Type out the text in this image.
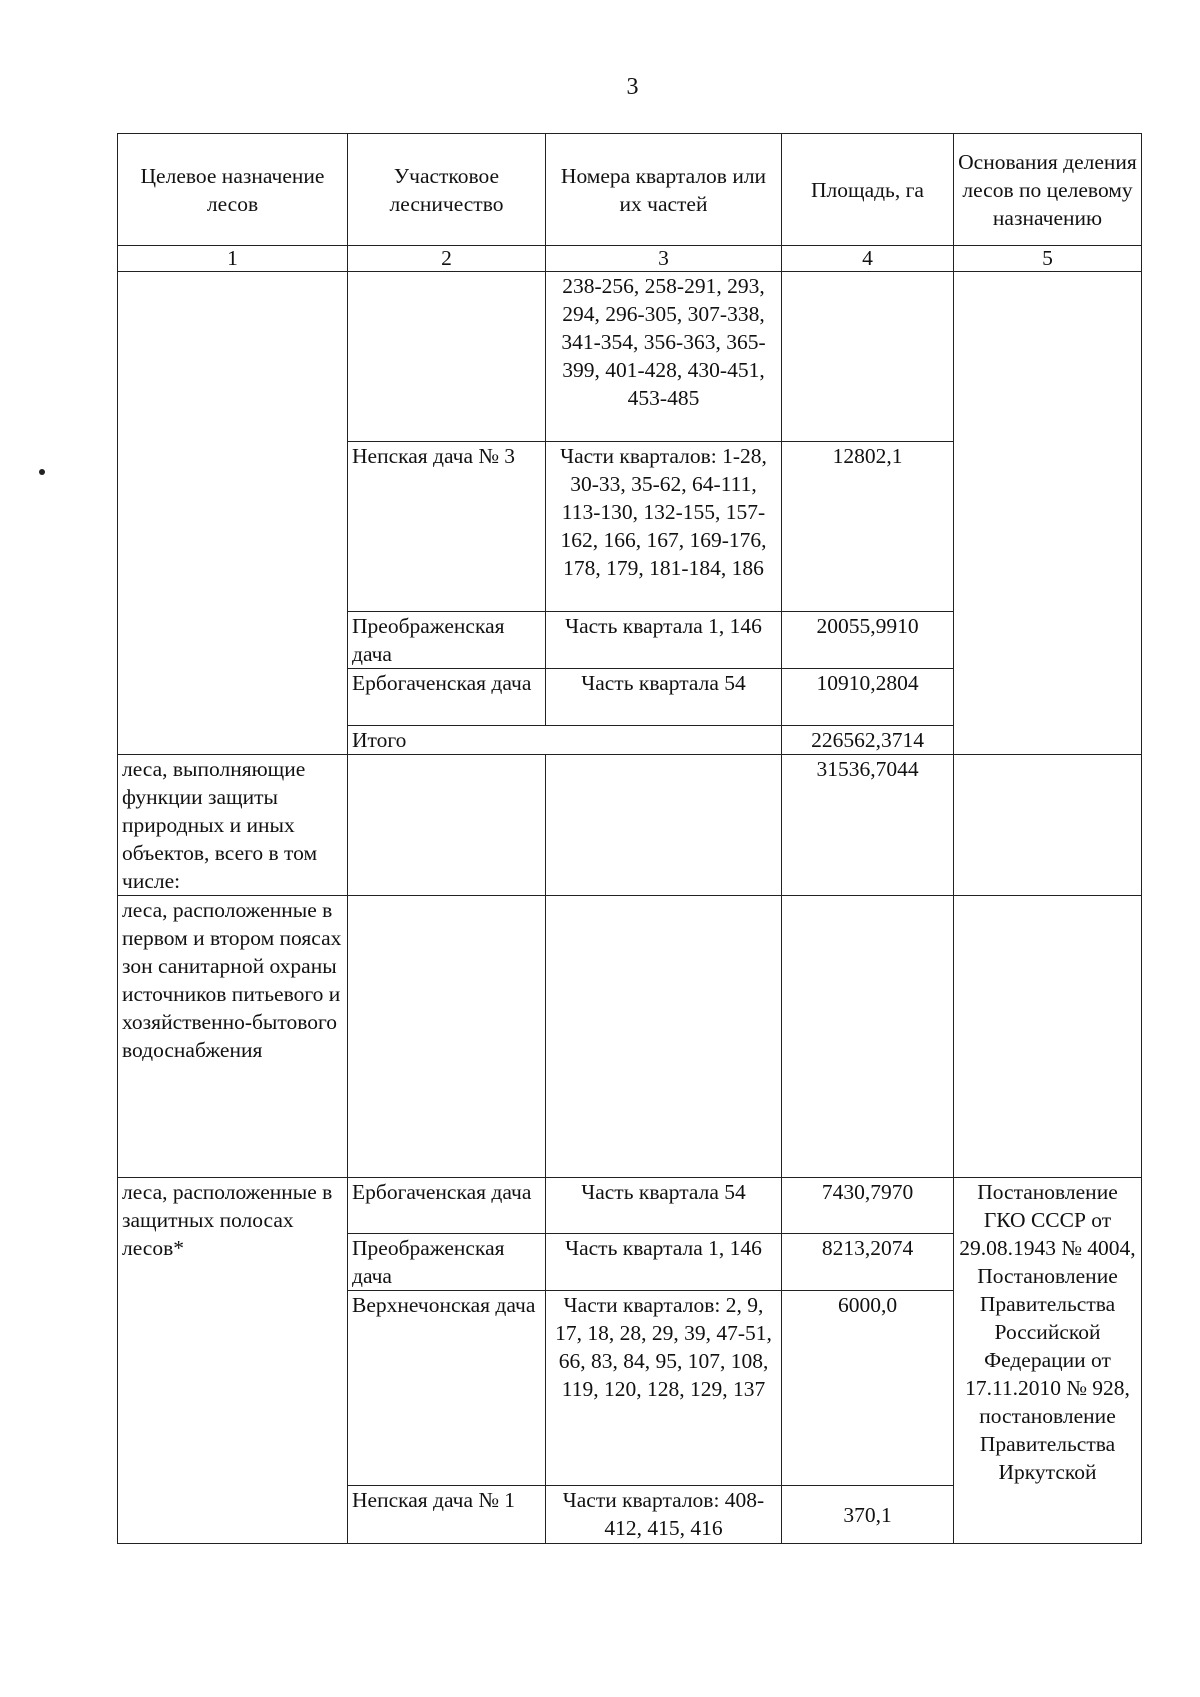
3
Целевое назначение лесов	Участковое лесничество	Номера кварталов или их частей	Площадь, га	Основания деления лесов по целевому назначению
1	2	3	4	5
		238-256, 258-291, 293, 294, 296-305, 307-338, 341-354, 356-363, 365-399, 401-428, 430-451, 453-485		
	Непская дача № 3	Части кварталов: 1-28, 30-33, 35-62, 64-111, 113-130, 132-155, 157-162, 166, 167, 169-176, 178, 179, 181-184, 186	12802,1	
	Преображенская дача	Часть квартала 1, 146	20055,9910	
	Ербогаченская дача	Часть квартала 54	10910,2804	
	Итого		226562,3714	
леса, выполняющие функции защиты природных и иных объектов, всего в том числе:			31536,7044	
леса, расположенные в первом и втором поясах зон санитарной охраны источников питьевого и хозяйственно-бытового водоснабжения				
леса, расположенные в защитных полосах лесов*	Ербогаченская дача	Часть квартала 54	7430,7970	Постановление ГКО СССР от 29.08.1943 № 4004, Постановление Правительства Российской Федерации от 17.11.2010 № 928, постановление Правительства Иркутской
	Преображенская дача	Часть квартала 1, 146	8213,2074	
	Верхнечонская дача	Части кварталов: 2, 9, 17, 18, 28, 29, 39, 47-51, 66, 83, 84, 95, 107, 108, 119, 120, 128, 129, 137	6000,0	
	Непская дача № 1	Части кварталов: 408-412, 415, 416	370,1	
